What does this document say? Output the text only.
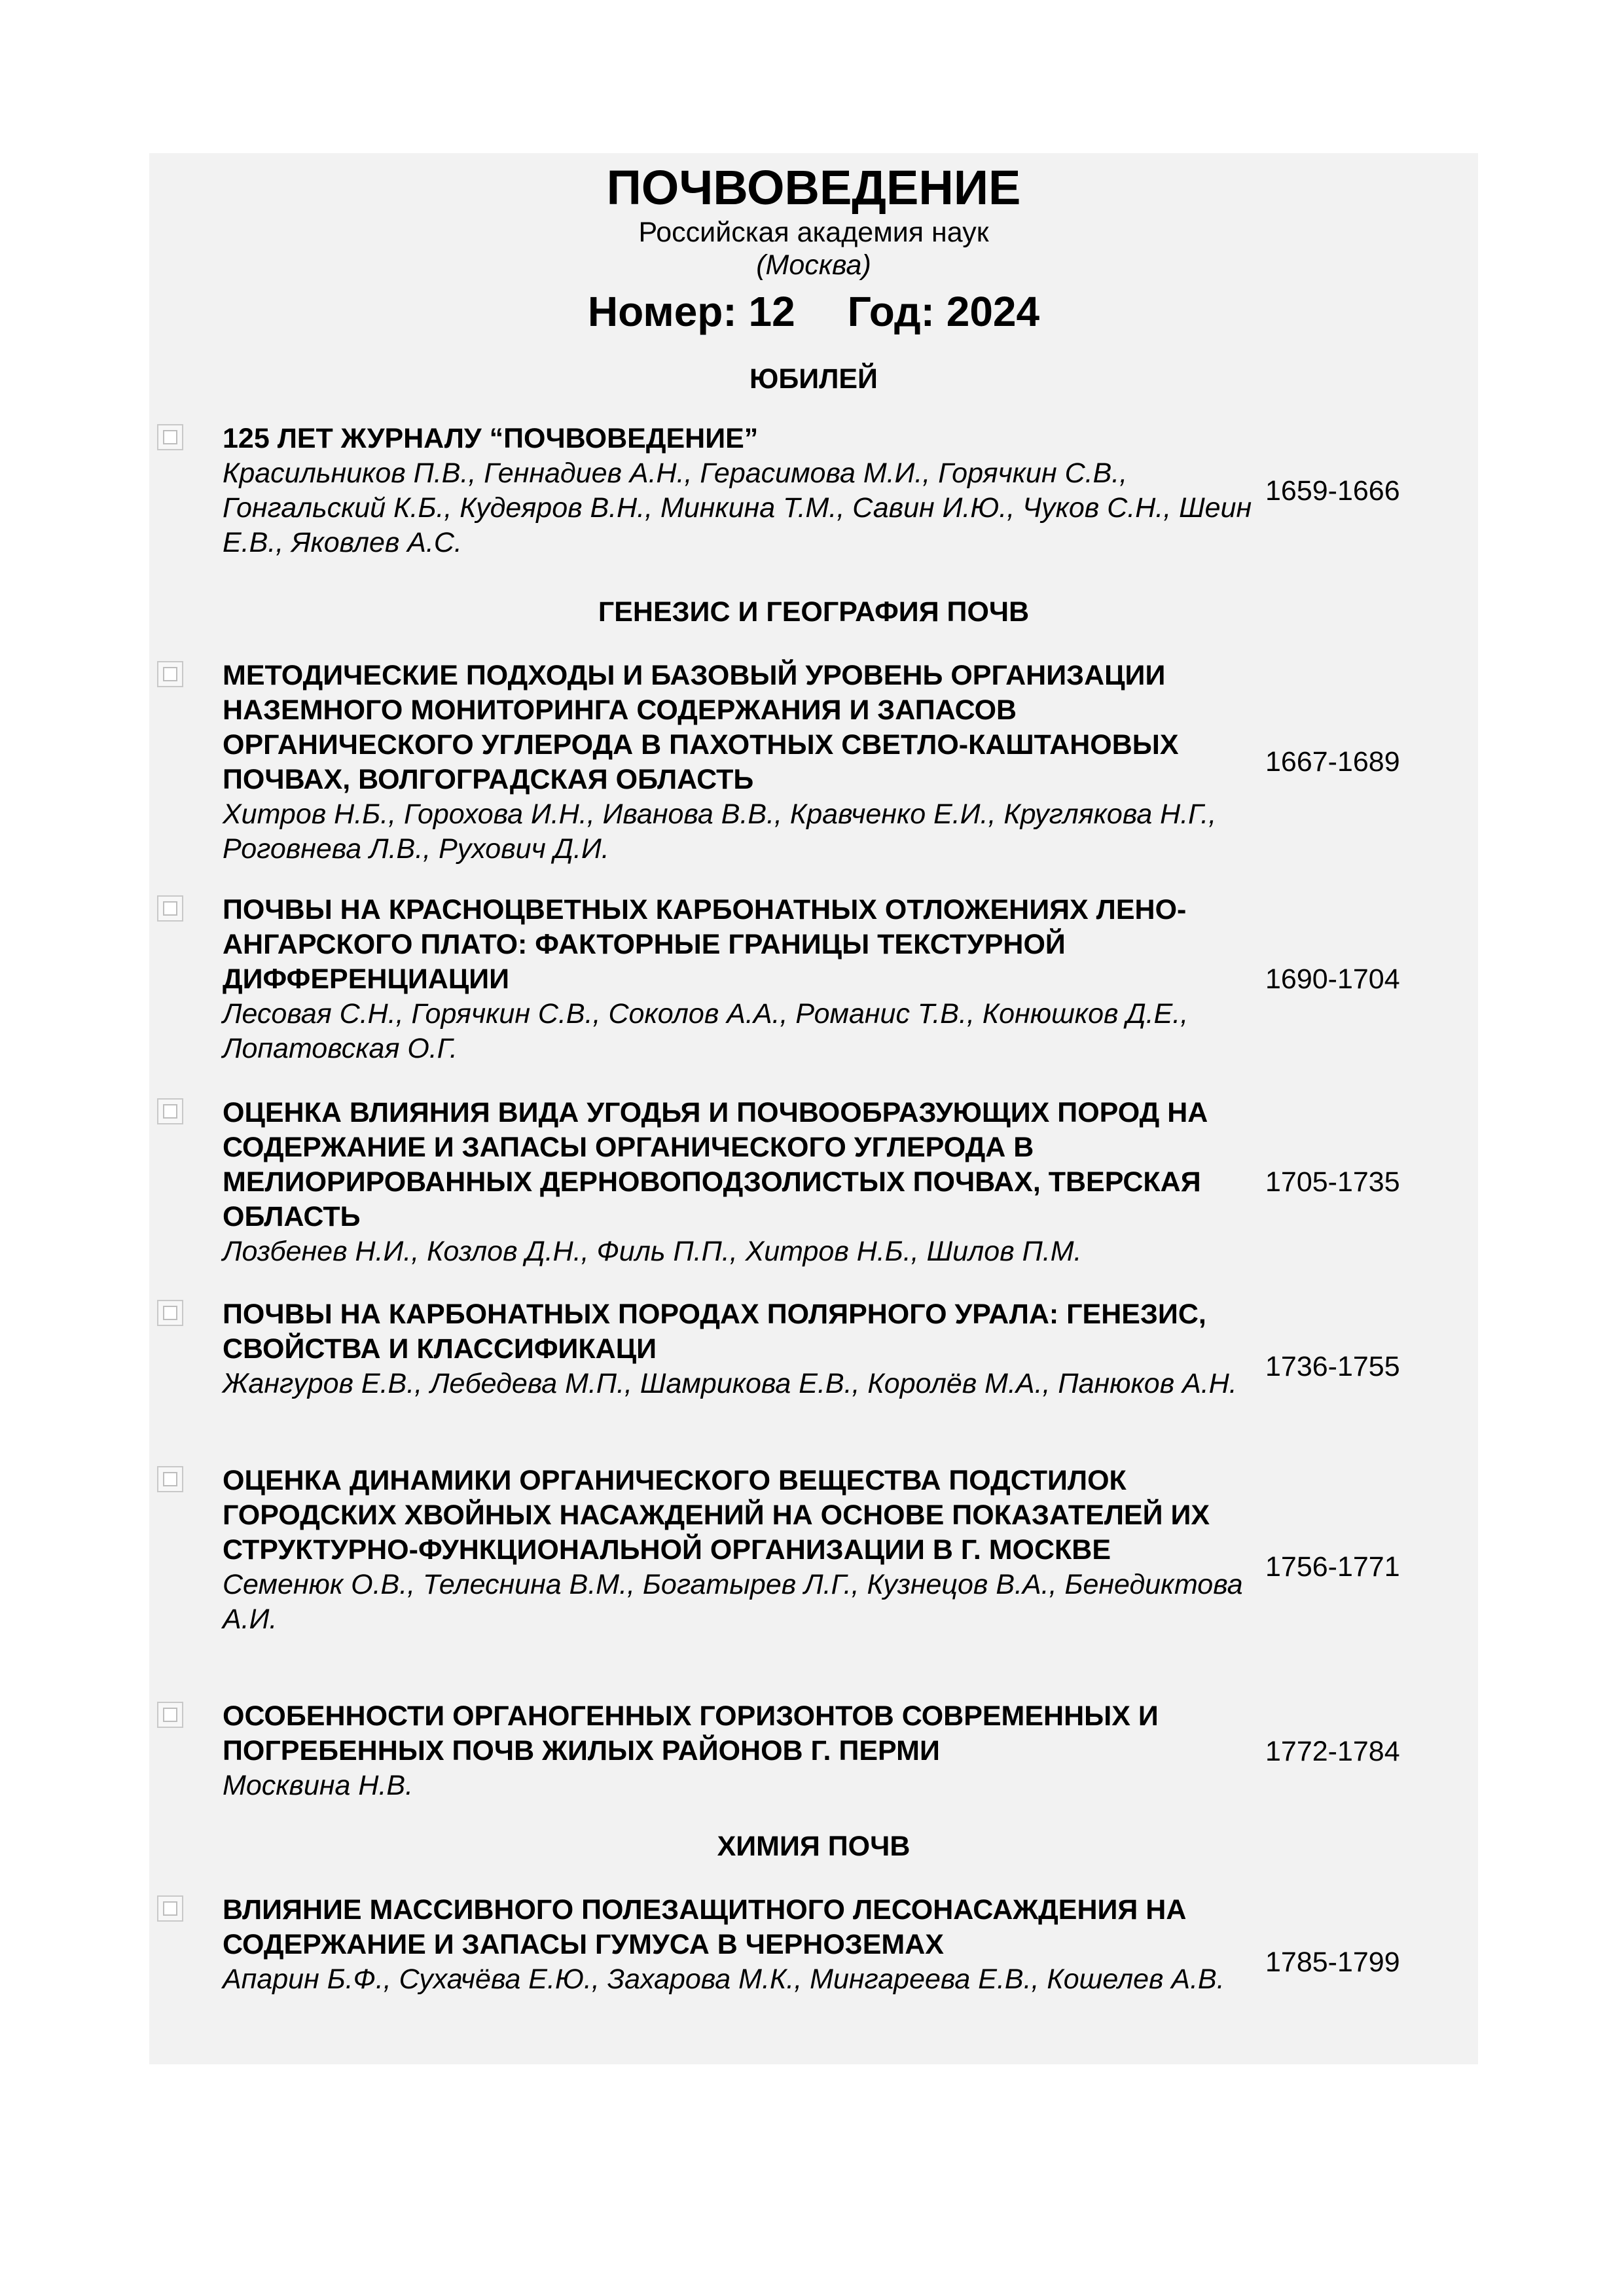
ПОЧВОВЕДЕНИЕ
Российская академия наук
(Москва)
Номер: 12 Год: 2024
ЮБИЛЕЙ
125 ЛЕТ ЖУРНАЛУ “ПОЧВОВЕДЕНИЕ”
Красильников П.В., Геннадиев А.Н., Герасимова М.И., Горячкин С.В., Гонгальский К.Б., Кудеяров В.Н., Минкина Т.М., Савин И.Ю., Чуков С.Н., Шеин Е.В., Яковлев А.С.
1659-1666
ГЕНЕЗИС И ГЕОГРАФИЯ ПОЧВ
МЕТОДИЧЕСКИЕ ПОДХОДЫ И БАЗОВЫЙ УРОВЕНЬ ОРГАНИЗАЦИИ НАЗЕМНОГО МОНИТОРИНГА СОДЕРЖАНИЯ И ЗАПАСОВ ОРГАНИЧЕСКОГО УГЛЕРОДА В ПАХОТНЫХ СВЕТЛО-КАШТАНОВЫХ ПОЧВАХ, ВОЛГОГРАДСКАЯ ОБЛАСТЬ
Хитров Н.Б., Горохова И.Н., Иванова В.В., Кравченко Е.И., Круглякова Н.Г., Роговнева Л.В., Рухович Д.И.
1667-1689
ПОЧВЫ НА КРАСНОЦВЕТНЫХ КАРБОНАТНЫХ ОТЛОЖЕНИЯХ ЛЕНО-АНГАРСКОГО ПЛАТО: ФАКТОРНЫЕ ГРАНИЦЫ ТЕКСТУРНОЙ ДИФФЕРЕНЦИАЦИИ
Лесовая С.Н., Горячкин С.В., Соколов А.А., Романис Т.В., Конюшков Д.Е., Лопатовская О.Г.
1690-1704
ОЦЕНКА ВЛИЯНИЯ ВИДА УГОДЬЯ И ПОЧВООБРАЗУЮЩИХ ПОРОД НА СОДЕРЖАНИЕ И ЗАПАСЫ ОРГАНИЧЕСКОГО УГЛЕРОДА В МЕЛИОРИРОВАННЫХ ДЕРНОВОПОДЗОЛИСТЫХ ПОЧВАХ, ТВЕРСКАЯ ОБЛАСТЬ
Лозбенев Н.И., Козлов Д.Н., Филь П.П., Хитров Н.Б., Шилов П.М.
1705-1735
ПОЧВЫ НА КАРБОНАТНЫХ ПОРОДАХ ПОЛЯРНОГО УРАЛА: ГЕНЕЗИС, СВОЙСТВА И КЛАССИФИКАЦИ
Жангуров Е.В., Лебедева М.П., Шамрикова Е.В., Королёв М.А., Панюков А.Н.
1736-1755
ОЦЕНКА ДИНАМИКИ ОРГАНИЧЕСКОГО ВЕЩЕСТВА ПОДСТИЛОК ГОРОДСКИХ ХВОЙНЫХ НАСАЖДЕНИЙ НА ОСНОВЕ ПОКАЗАТЕЛЕЙ ИХ СТРУКТУРНО-ФУНКЦИОНАЛЬНОЙ ОРГАНИЗАЦИИ В Г. МОСКВЕ
Семенюк О.В., Телеснина В.М., Богатырев Л.Г., Кузнецов В.А., Бенедиктова А.И.
1756-1771
ОСОБЕННОСТИ ОРГАНОГЕННЫХ ГОРИЗОНТОВ СОВРЕМЕННЫХ И ПОГРЕБЕННЫХ ПОЧВ ЖИЛЫХ РАЙОНОВ Г. ПЕРМИ
Москвина Н.В.
1772-1784
ХИМИЯ ПОЧВ
ВЛИЯНИЕ МАССИВНОГО ПОЛЕЗАЩИТНОГО ЛЕСОНАСАЖДЕНИЯ НА СОДЕРЖАНИЕ И ЗАПАСЫ ГУМУСА В ЧЕРНОЗЕМАХ
Апарин Б.Ф., Сухачёва Е.Ю., Захарова М.К., Мингареева Е.В., Кошелев А.В.
1785-1799
